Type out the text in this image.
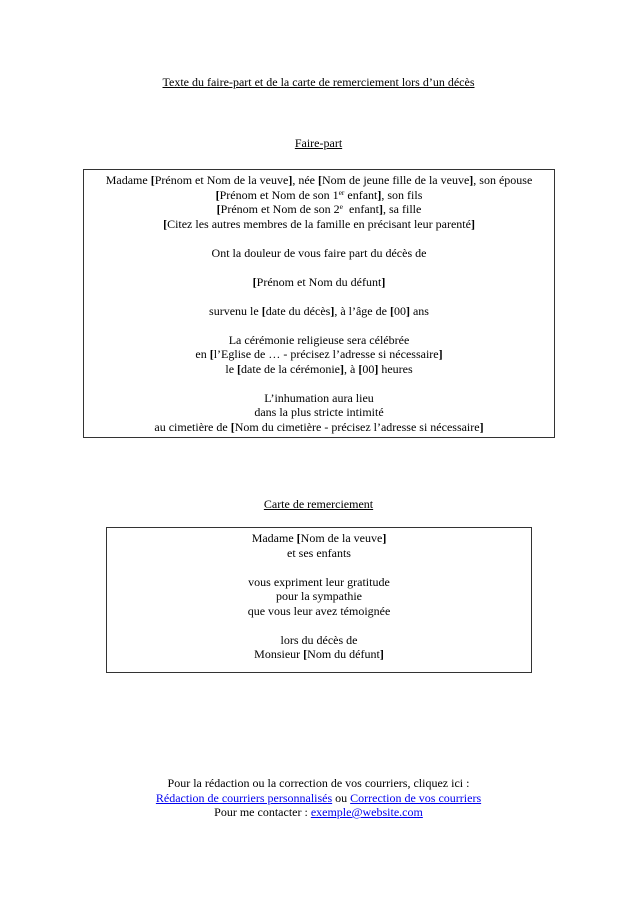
Texte du faire-part et de la carte de remerciement lors d’un décès
Faire-part

Madame [Prénom et Nom de la veuve], née [Nom de jeune fille de la veuve], son épouse

[Prénom et Nom de son 1er enfant], son fils

[Prénom et Nom de son 2e  enfant], sa fille

[Citez les autres membres de la famille en précisant leur parenté]

Ont la douleur de vous faire part du décès de

[Prénom et Nom du défunt]

survenu le [date du décès], à l’âge de [00] ans

La cérémonie religieuse sera célébrée

en [l’Eglise de … - précisez l’adresse si nécessaire]

le [date de la cérémonie], à [00] heures

L’inhumation aura lieu

dans la plus stricte intimité

au cimetière de [Nom du cimetière - précisez l’adresse si nécessaire]

Carte de remerciement

Madame [Nom de la veuve]

et ses enfants

vous expriment leur gratitude

pour la sympathie

que vous leur avez témoignée

lors du décès de

Monsieur [Nom du défunt]

Pour la rédaction ou la correction de vos courriers, cliquez ici :

Rédaction de courriers personnalisés ou Correction de vos courriers

Pour me contacter : exemple@website.com
